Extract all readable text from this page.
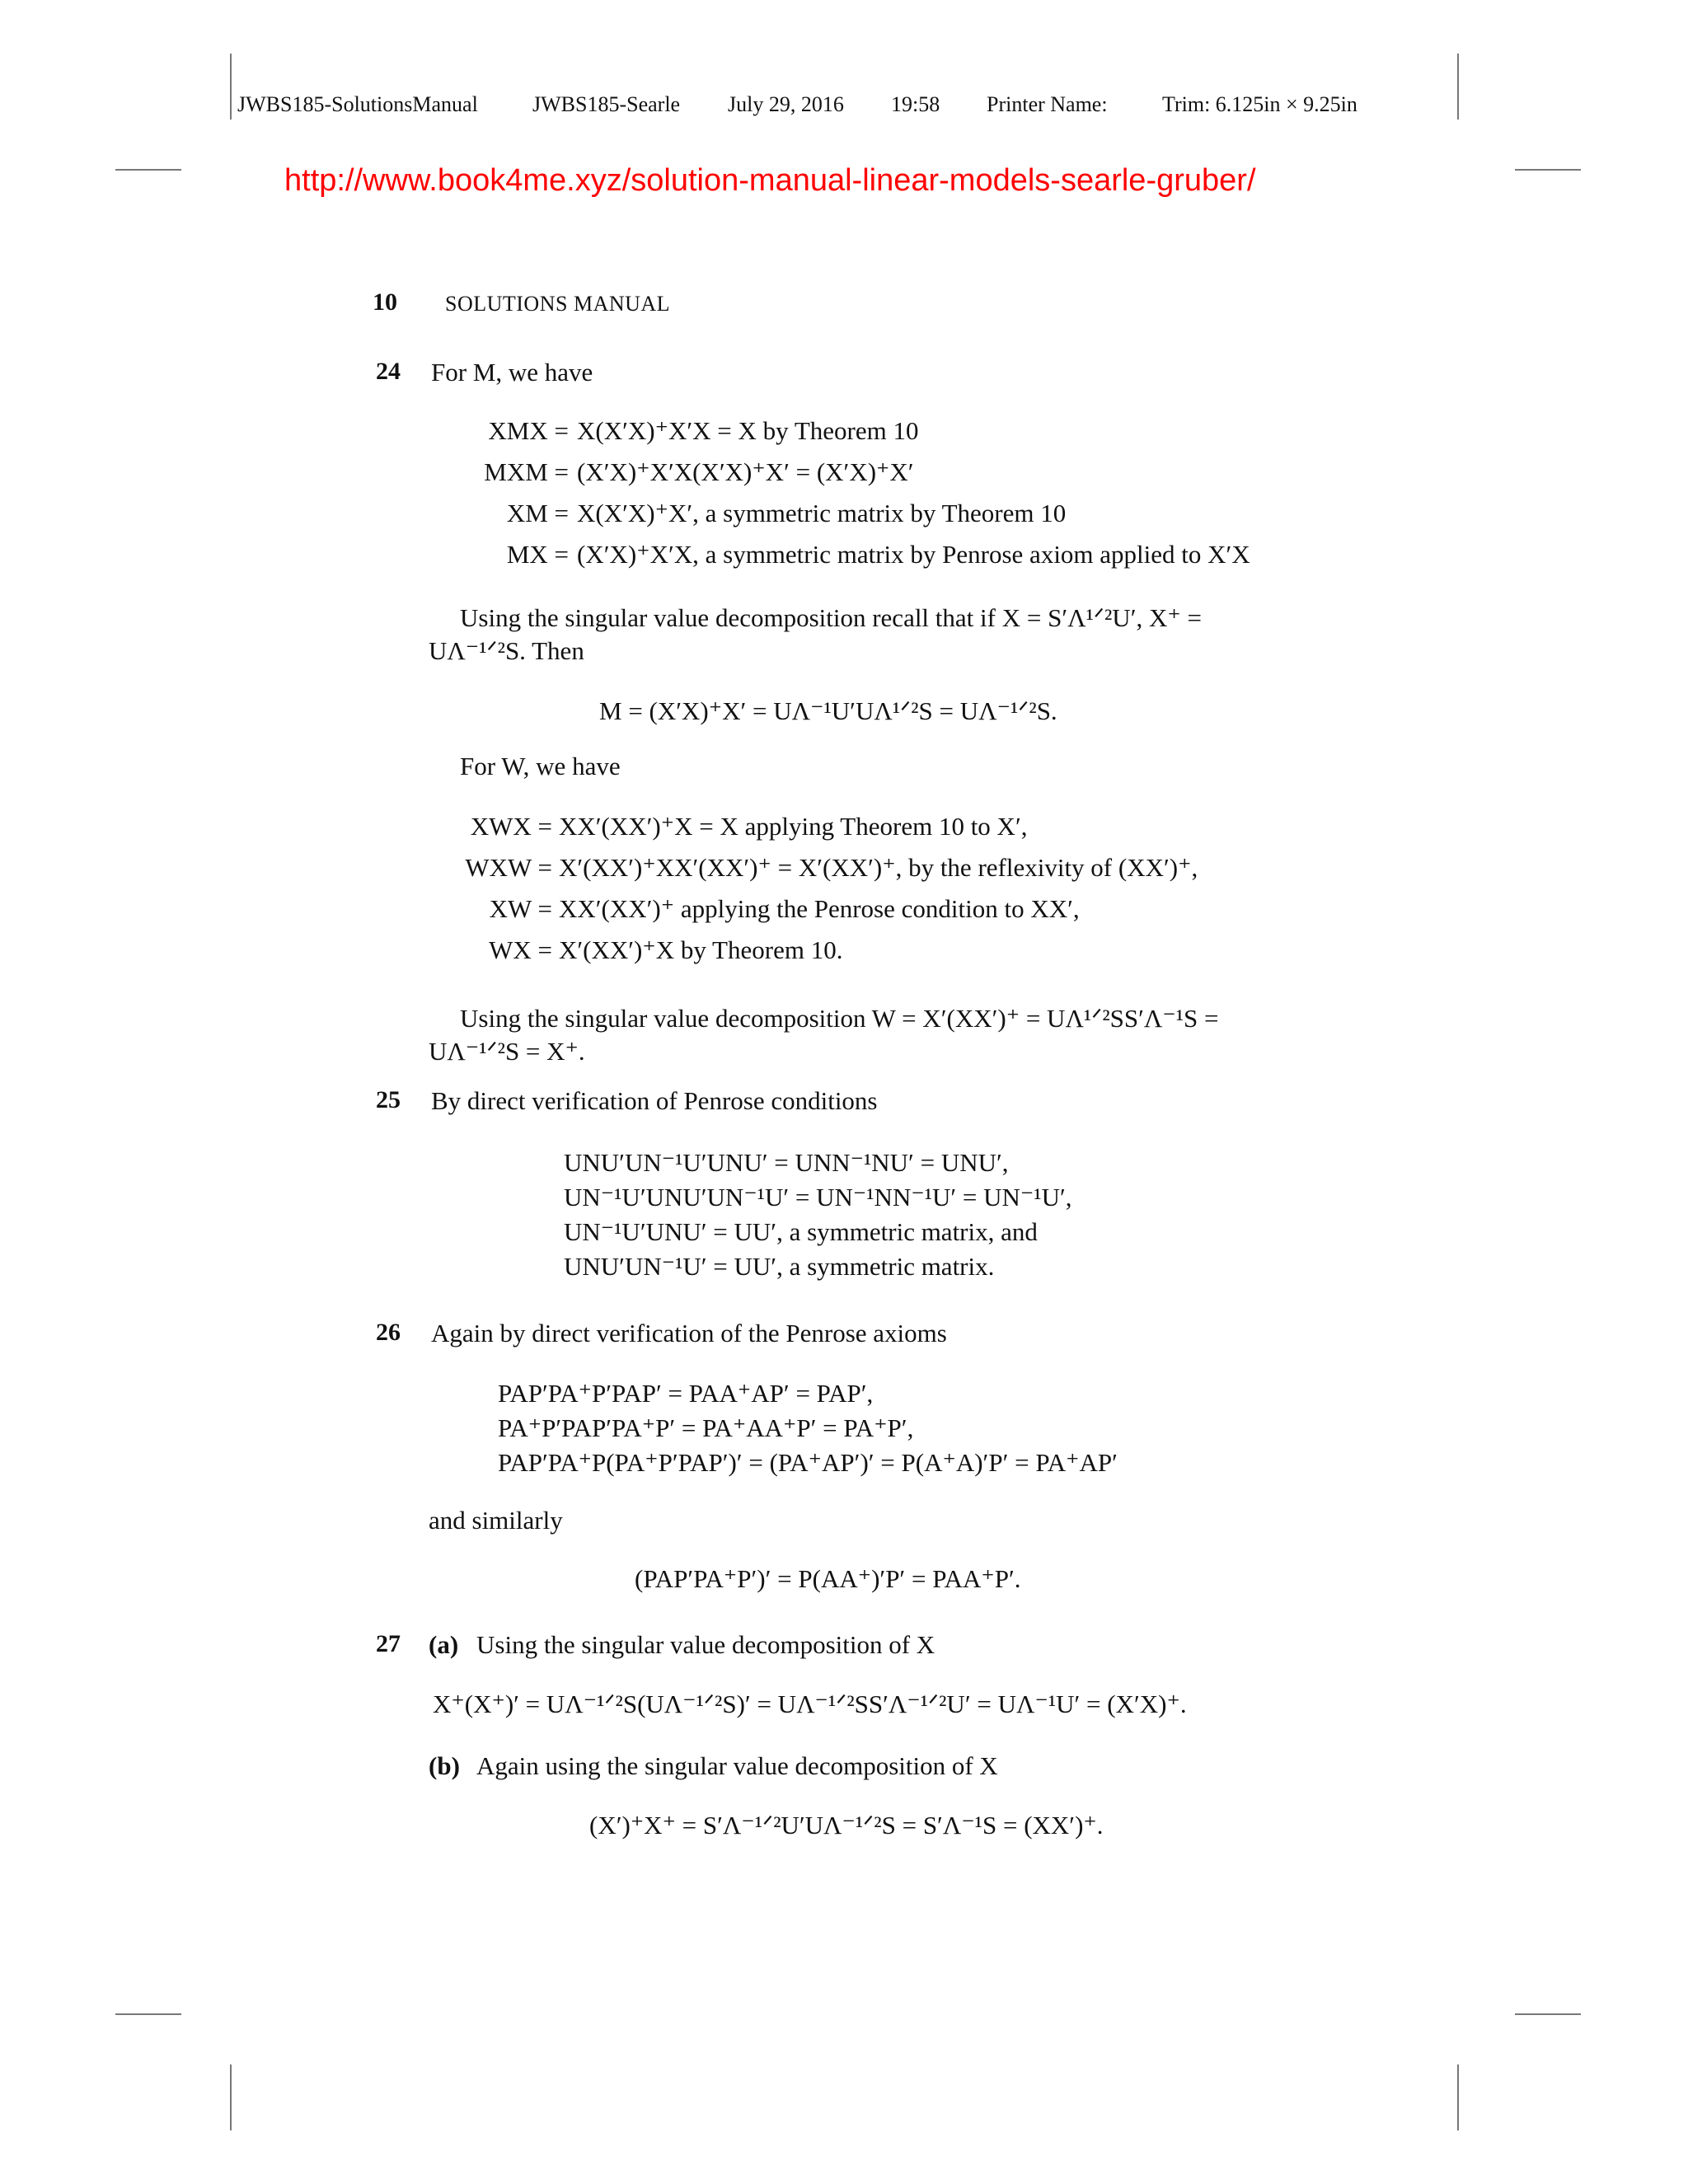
JWBS185-SolutionsManual	JWBS185-Searle July 29, 2016 19:58 Printer Name:	Trim: 6.125in × 9.25in
http://www.book4me.xyz/solution-manual-linear-models-searle-gruber/
10 SOLUTIONS MANUAL
24 For M, we have
XMX = X(X′X)⁺X′X = X by Theorem 10
MXM = (X′X)⁺X′X(X′X)⁺X′ = (X′X)⁺X′
XM = X(X′X)⁺X′, a symmetric matrix by Theorem 10
MX = (X′X)⁺X′X, a symmetric matrix by Penrose axiom applied to X′X
Using the singular value decomposition recall that if X = S′Λ¹ᐟ²U′, X⁺ =
UΛ⁻¹ᐟ²S. Then
M = (X′X)⁺X′ = UΛ⁻¹U′UΛ¹ᐟ²S = UΛ⁻¹ᐟ²S.
For W, we have
XWX = XX′(XX′)⁺X = X applying Theorem 10 to X′,
WXW = X′(XX′)⁺XX′(XX′)⁺ = X′(XX′)⁺, by the reflexivity of (XX′)⁺,
XW = XX′(XX′)⁺ applying the Penrose condition to XX′,
WX = X′(XX′)⁺X by Theorem 10.
Using the singular value decomposition W = X′(XX′)⁺ = UΛ¹ᐟ²SS′Λ⁻¹S =
UΛ⁻¹ᐟ²S = X⁺.
25 By direct verification of Penrose conditions
UNU′UN⁻¹U′UNU′ = UNN⁻¹NU′ = UNU′,
UN⁻¹U′UNU′UN⁻¹U′ = UN⁻¹NN⁻¹U′ = UN⁻¹U′,
UN⁻¹U′UNU′ = UU′, a symmetric matrix, and
UNU′UN⁻¹U′ = UU′, a symmetric matrix.
26 Again by direct verification of the Penrose axioms
PAP′PA⁺P′PAP′ = PAA⁺AP′ = PAP′,
PA⁺P′PAP′PA⁺P′ = PA⁺AA⁺P′ = PA⁺P′,
PAP′PA⁺P(PA⁺P′PAP′)′ = (PA⁺AP′)′ = P(A⁺A)′P′ = PA⁺AP′
and similarly
(PAP′PA⁺P′)′ = P(AA⁺)′P′ = PAA⁺P′.
27 (a) Using the singular value decomposition of X
X⁺(X⁺)′ = UΛ⁻¹ᐟ²S(UΛ⁻¹ᐟ²S)′ = UΛ⁻¹ᐟ²SS′Λ⁻¹ᐟ²U′ = UΛ⁻¹U′ = (X′X)⁺.
(b) Again using the singular value decomposition of X
(X′)⁺X⁺ = S′Λ⁻¹ᐟ²U′UΛ⁻¹ᐟ²S = S′Λ⁻¹S = (XX′)⁺.
